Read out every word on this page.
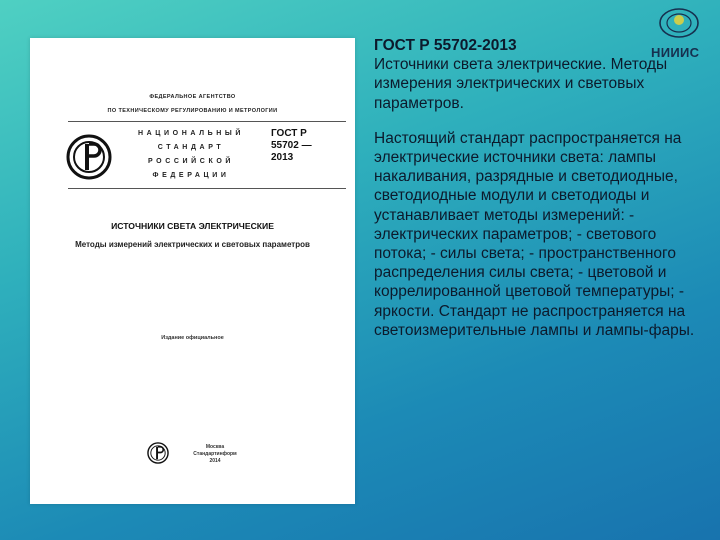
ФЕДЕРАЛЬНОЕ АГЕНТСТВО
ПО ТЕХНИЧЕСКОМУ РЕГУЛИРОВАНИЮ И МЕТРОЛОГИИ
НАЦИОНАЛЬНЫЙ
СТАНДАРТ
РОССИЙСКОЙ
ФЕДЕРАЦИИ
ГОСТ Р
55702 —
2013
ИСТОЧНИКИ СВЕТА ЭЛЕКТРИЧЕСКИЕ
Методы измерений электрических и световых параметров
Издание официальное
Москва
Стандартинформ
2014
НИИИС
ГОСТ Р 55702-2013
Источники света электрические. Методы измерения электрических и световых параметров.
Настоящий стандарт распространяется на электрические источники света: лампы накаливания, разрядные и светодиодные, светодиодные модули и светодиоды и устанавливает методы измерений: - электрических параметров; - светового потока; - силы света; - пространственного распределения силы света; - цветовой и коррелированной цветовой температуры; - яркости. Стандарт не распространяется на светоизмерительные лампы и лампы-фары.
